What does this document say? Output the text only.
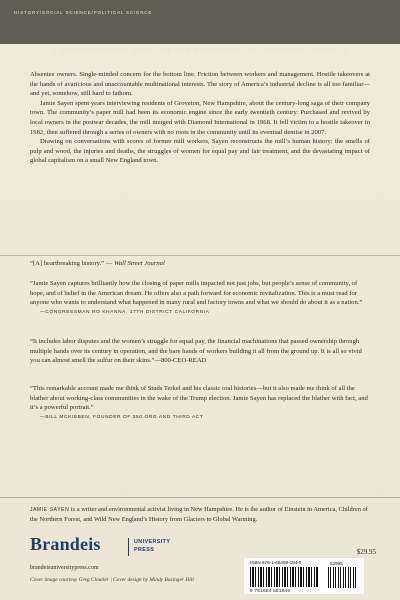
HISTORY/SOCIAL SCIENCE/POLITICAL SCIENCE
A HEARTBREAKING STORY OF THE DECIMATION OF INDUSTRIAL AMERICA

Absentee owners. Single-minded concern for the bottom line. Friction between workers and management. Hostile takeovers at the hands of avaricious and unaccountable multinational interests. The story of America’s industrial decline is all too familiar—and yet, somehow, still hard to fathom.

Jamie Sayen spent years interviewing residents of Groveton, New Hampshire, about the century-long saga of their company town. The community’s paper mill had been its economic engine since the early twentieth century. Purchased and revived by local owners in the postwar decades, the mill merged with Diamond International in 1968. It fell victim to a hostile takeover in 1982, then suffered through a series of owners with no roots in the community until its eventual demise in 2007.

Drawing on conversations with scores of former mill workers, Sayen reconstructs the mill’s human history: the smells of pulp and wood, the injuries and deaths, the struggles of women for equal pay and fair treatment, and the devastating impact of global capitalism on a small New England town.

“[A] heartbreaking history.” — Wall Street Journal
“Jamie Sayen captures brilliantly how the closing of paper mills impacted not just jobs, but people’s sense of community, of hope, and of belief in the American dream. He offers also a path forward for economic revitalization. This is a must read for anyone who wants to understand what happened in many rural and factory towns and what we should do about it as a nation.”
—CONGRESSMAN RO KHANNA, 17TH DISTRICT CALIFORNIA
“It includes labor disputes and the women’s struggle for equal pay, the financial machinations that passed ownership through multiple hands over its century in operation, and the bare hands of workers building it all from the ground up. It is all so vivid you can almost smell the sulfur on their skins.”—800-CEO-READ
“This remarkable account made me think of Studs Terkel and his classic oral histories—but it also made me think of all the blather about working-class communities in the wake of the Trump election. Jamie Sayen has replaced the blather with fact, and it’s a powerful portrait.”
—BILL MCKIBBEN, FOUNDER OF 350.ORG AND THIRD ACT
JAMIE SAYEN is a writer and environmental activist living in New Hampshire. He is the author of Einstein in America, Children of the Northern Forest, and Wild New England’s History from Glaciers to Global Warming.
$29.95
Brandeis	UNIVERSITY
PRESS
brandeisuniversitypress.com
Cover image courtesy Greg Cloutier | Cover design by Mindy Basinger Hill
ISBN 978-1-68458-184-9
9 781684 581849
52995
